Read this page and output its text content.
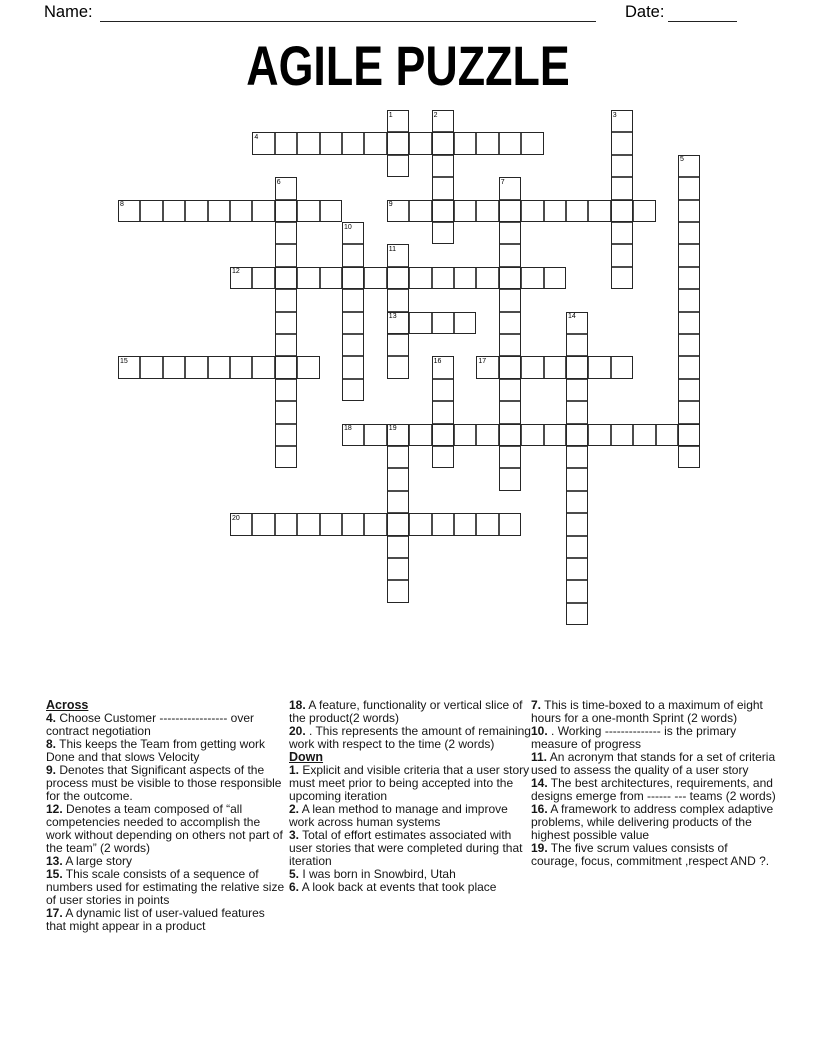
Name:	Date:
AGILE PUZZLE
1	2	3
4
5
6	7
8	9
10
11
12
13	14
15	16	17
18	19
20
Across
4. Choose Customer ----------------- over contract negotiation
8. This keeps the Team from getting work Done and that slows Velocity
9. Denotes that Significant aspects of the process must be visible to those responsible for the outcome.
12. Denotes a team composed of “all competencies needed to accomplish the work without depending on others not part of the team” (2 words)
13. A large story
15. This scale consists of a sequence of numbers used for estimating the relative size of user stories in points
17. A dynamic list of user-valued features that might appear in a product
18. A feature, functionality or vertical slice of the product(2 words)
20. . This represents the amount of remaining work with respect to the time (2 words)
Down
1. Explicit and visible criteria that a user story must meet prior to being accepted into the upcoming iteration
2. A lean method to manage and improve work across human systems
3. Total of effort estimates associated with user stories that were completed during that iteration
5. I was born in Snowbird, Utah
6. A look back at events that took place
7. This is time-boxed to a maximum of eight hours for a one-month Sprint (2 words)
10. . Working -------------- is the primary measure of progress
11. An acronym that stands for a set of criteria used to assess the quality of a user story
14. The best architectures, requirements, and designs emerge from ------ --- teams (2 words)
16. A framework to address complex adaptive problems, while delivering products of the highest possible value
19. The five scrum values consists of courage, focus, commitment ,respect AND ?.
